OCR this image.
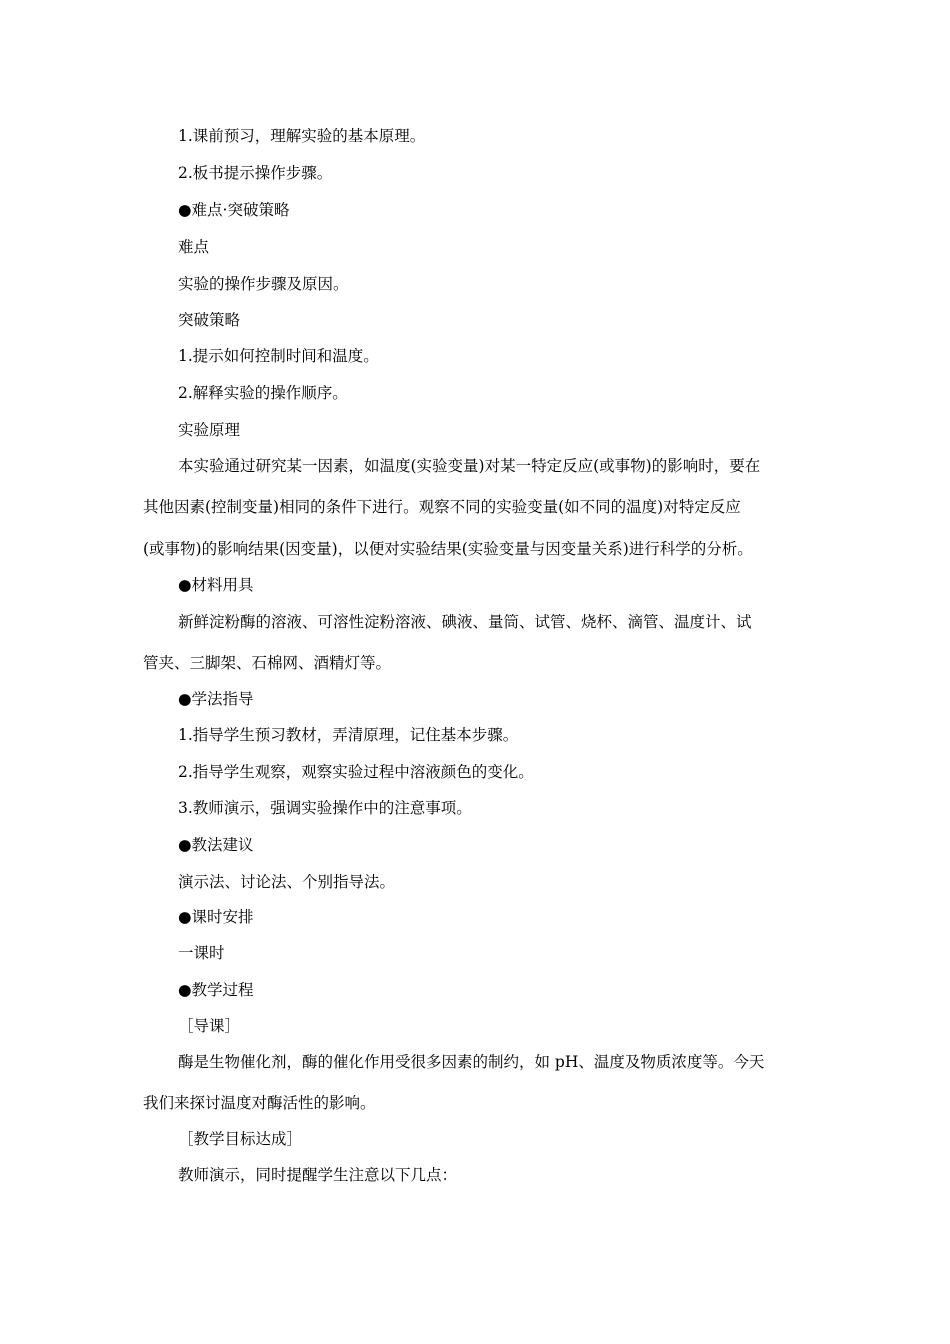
1.课前预习，理解实验的基本原理。
2.板书提示操作步骤。
●难点·突破策略
难点
实验的操作步骤及原因。
突破策略
1.提示如何控制时间和温度。
2.解释实验的操作顺序。
实验原理
本实验通过研究某一因素，如温度(实验变量)对某一特定反应(或事物)的影响时，要在
其他因素(控制变量)相同的条件下进行。观察不同的实验变量(如不同的温度)对特定反应
(或事物)的影响结果(因变量)，以便对实验结果(实验变量与因变量关系)进行科学的分析。
●材料用具
新鲜淀粉酶的溶液、可溶性淀粉溶液、碘液、量筒、试管、烧杯、滴管、温度计、试
管夹、三脚架、石棉网、酒精灯等。
●学法指导
1.指导学生预习教材，弄清原理，记住基本步骤。
2.指导学生观察，观察实验过程中溶液颜色的变化。
3.教师演示，强调实验操作中的注意事项。
●教法建议
演示法、讨论法、个别指导法。
●课时安排
一课时
●教学过程
［导课］
酶是生物催化剂，酶的催化作用受很多因素的制约，如 pH、温度及物质浓度等。今天
我们来探讨温度对酶活性的影响。
［教学目标达成］
教师演示，同时提醒学生注意以下几点：
